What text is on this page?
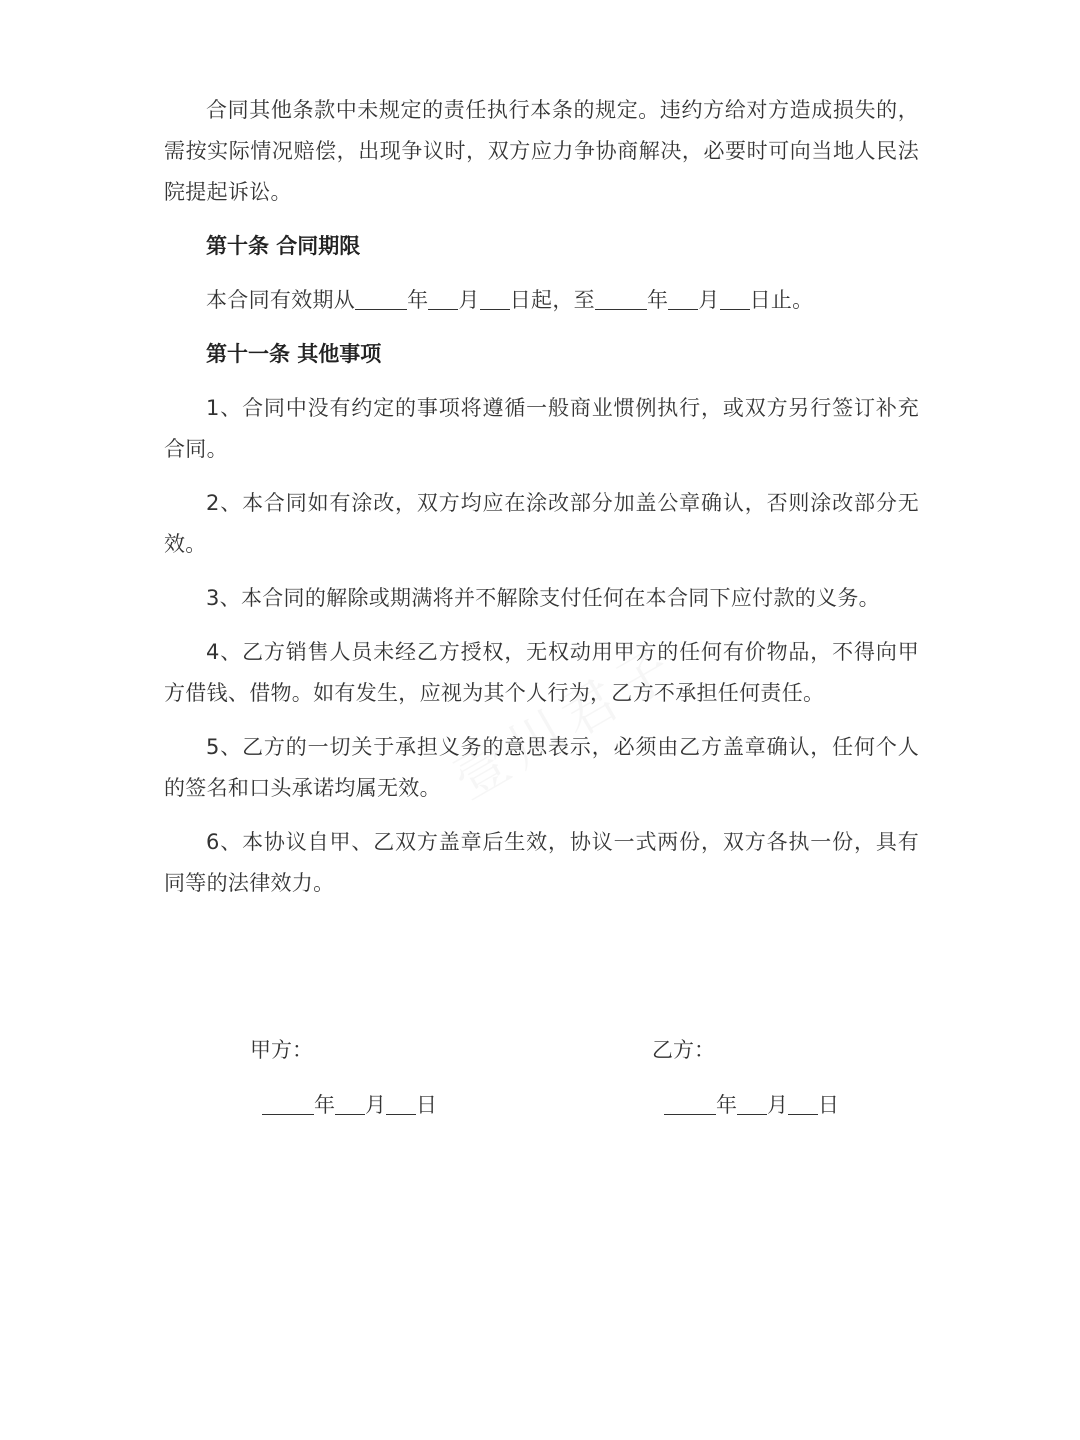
合同其他条款中未规定的责任执行本条的规定。违约方给对方造成损失的，需按实际情况赔偿，出现争议时，双方应力争协商解决，必要时可向当地人民法院提起诉讼。

第十条 合同期限

本合同有效期从 年 月 日起，至 年 月 日止。

第十一条 其他事项

1、合同中没有约定的事项将遵循一般商业惯例执行，或双方另行签订补充合同。

2、本合同如有涂改，双方均应在涂改部分加盖公章确认，否则涂改部分无效。

3、本合同的解除或期满将并不解除支付任何在本合同下应付款的义务。

4、乙方销售人员未经乙方授权，无权动用甲方的任何有价物品，不得向甲方借钱、借物。如有发生，应视为其个人行为，乙方不承担任何责任。

5、乙方的一切关于承担义务的意思表示，必须由乙方盖章确认，任何个人的签名和口头承诺均属无效。

6、本协议自甲、乙双方盖章后生效，协议一式两份，双方各执一份，具有同等的法律效力。

甲方：	乙方：
年 月 日	年 月 日
